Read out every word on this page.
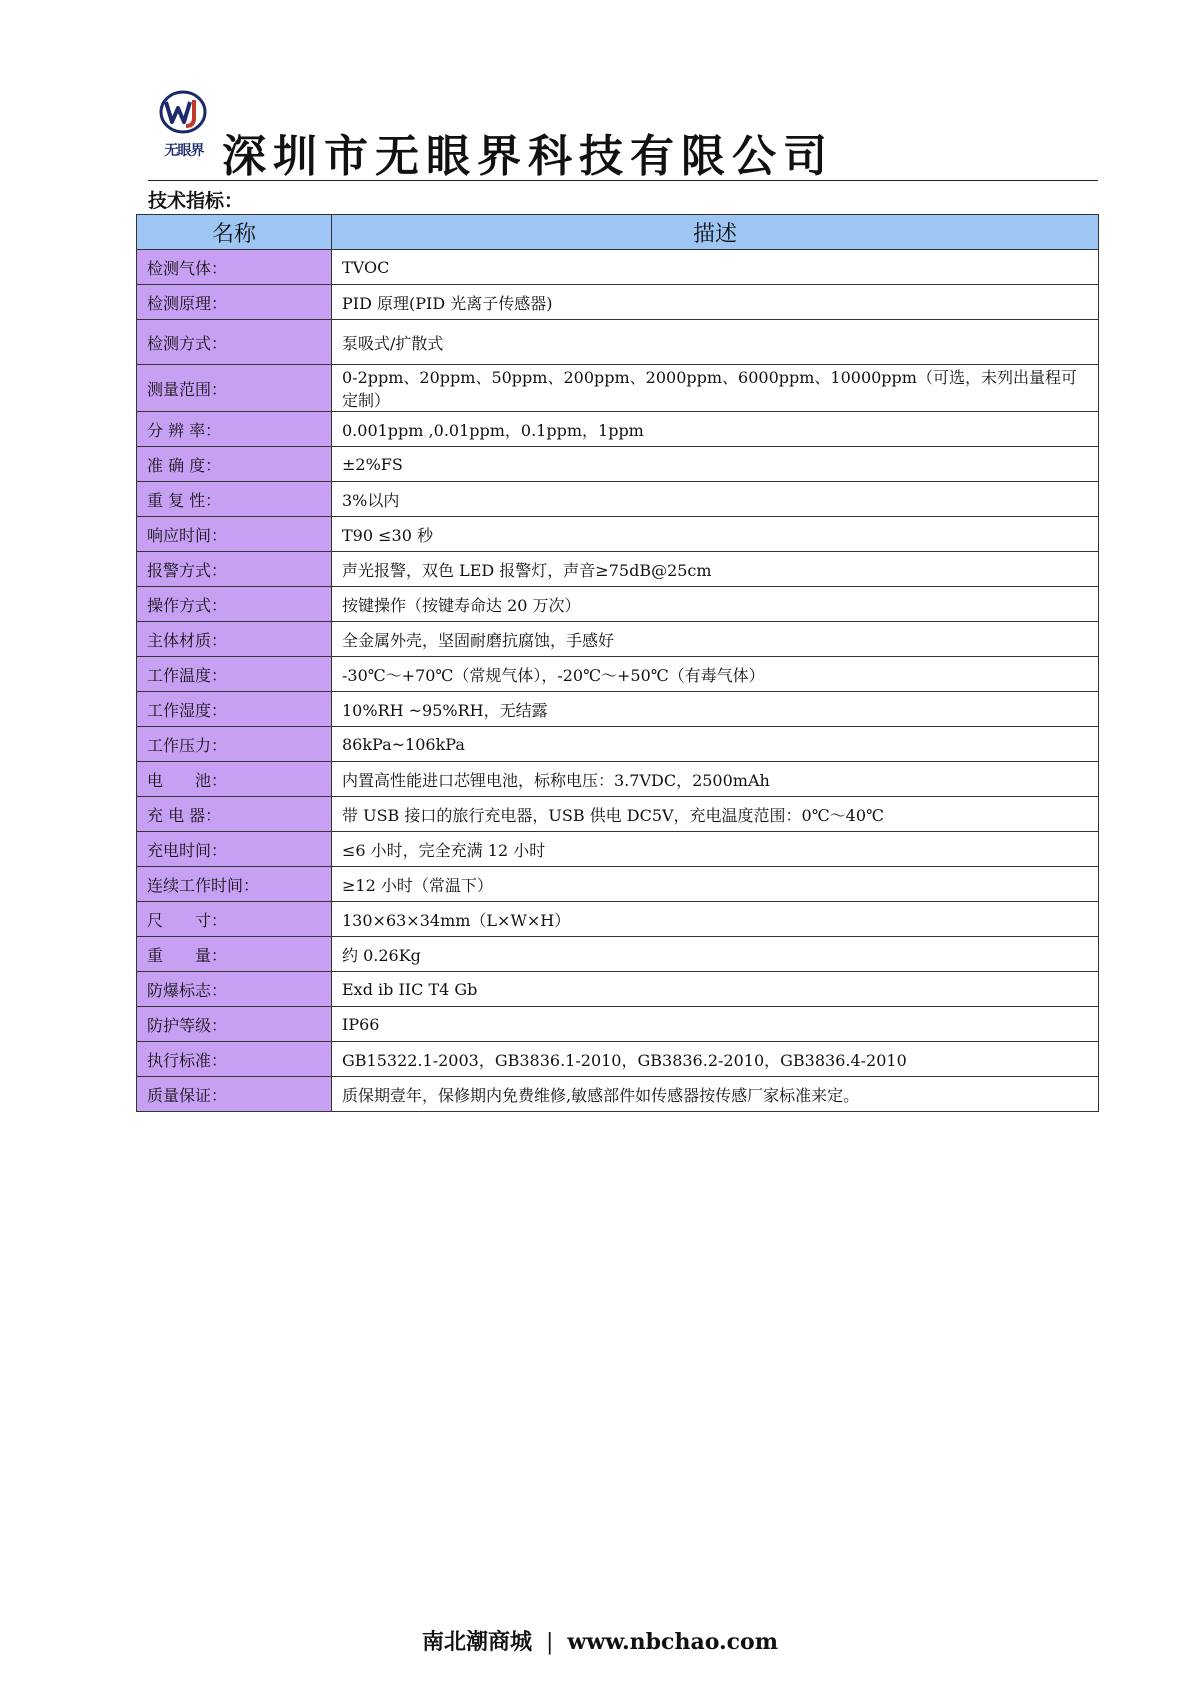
无眼界 深圳市无眼界科技有限公司
技术指标：
名称	描述
检测气体：	TVOC
检测原理：	PID 原理(PID 光离子传感器)
检测方式：	泵吸式/扩散式
测量范围：	0-2ppm、20ppm、50ppm、200ppm、2000ppm、6000ppm、10000ppm（可选，未列出量程可定制）
分 辨 率：	0.001ppm ,0.01ppm，0.1ppm，1ppm
准 确 度：	±2%FS
重 复 性：	3%以内
响应时间：	T90 ≤30 秒
报警方式：	声光报警，双色 LED 报警灯，声音≥75dB@25cm
操作方式：	按键操作（按键寿命达 20 万次）
主体材质：	全金属外壳，坚固耐磨抗腐蚀，手感好
工作温度：	-30℃～+70℃（常规气体），-20℃～+50℃（有毒气体）
工作湿度：	10%RH ~95%RH，无结露
工作压力：	86kPa~106kPa
电　　池：	内置高性能进口芯锂电池，标称电压：3.7VDC，2500mAh
充 电 器：	带 USB 接口的旅行充电器，USB 供电 DC5V，充电温度范围：0℃～40℃
充电时间：	≤6 小时，完全充满 12 小时
连续工作时间：	≥12 小时（常温下）
尺　　寸：	130×63×34mm（L×W×H）
重　　量：	约 0.26Kg
防爆标志：	Exd ib IIC T4 Gb
防护等级：	IP66
执行标准：	GB15322.1-2003，GB3836.1-2010，GB3836.2-2010，GB3836.4-2010
质量保证：	质保期壹年，保修期内免费维修,敏感部件如传感器按传感厂家标准来定。
南北潮商城 | www.nbchao.com
